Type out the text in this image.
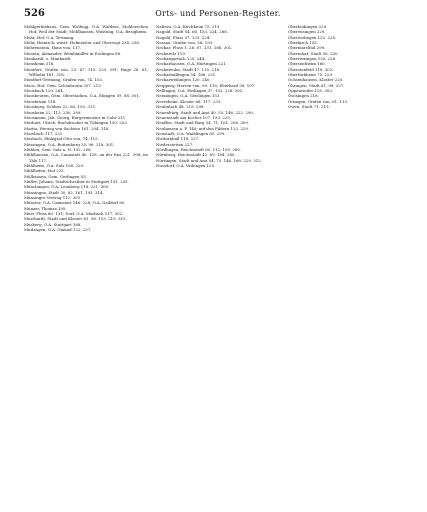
526	Orts- und Personen-Register.

Mohlgerthshaus, Gem. Wolfegg, O.A. Waldsee, Mohlerschen Hof, Weil der Stadt; Mohlhausen, Wüstung, O.A. Besigheim.

Mohr, Hof, O.A. Tettnang.

Mohr, Heinrich, württ. Hofmeister und Obervogt 234. 256.

Mohrenstein, Hans von, 117.

Moneta, Alexander, Weinhändler in Esslingen 88.

Monhardt, s. Munhardt.

Monsheim 318.

Montfort, Grafen von, 23. 47. 115. 223. 391; Hugo 28. 61; Wilhelm 161. 318.

Montfort-Tettnang, Grafen von, 74. 103.

Moos, Hof, Gem. Schönbronn 207. 213.

Moosbach 120. 264.

Moosbeuren, Gem. Oberstadion, O.A. Ehingen 59. 88. 301.

Moosbrunn 118.

Moosburg, Schloss 22. 60. 193. 315.

Moosheim 22. 113. 230. 289.

Moosmann, Joh. Georg, Bürgermeister in Calw 211.

Morhart, Ulrich, Buchdrucker in Tübingen 150. 203.

Moritz, Herzog von Sachsen 161. 204. 318.

Morsbach 117. 221.

Mosbach, Pfalzgraf Otto von, 74. 115.

Mössingen, O.A. Rottenburg 35. 96. 218. 301.

Mühlen, Gem. Sulz a. N. 152. 208.

Mühlhausen, O.A. Cannstatt 40. 128; an der Enz 221. 308; im Täle 117.

Mühlheim, O.A. Sulz 168. 229.

Mühlhofen, Hof 233.

Mülhausen, Gem. Gerlingen 55.

Müller, Johann, Stadtschreiber in Stuttgart 191. 235.

Münchingen, O.A. Leonberg 118. 221. 309.

Münsingen, Stadt 30. 82. 161. 193. 314.

Münsinger Vertrag 112. 305.

Münster, O.A. Cannstatt 146. 228; O.A. Gaildorf 60.

Münzer, Thomas 195.

Murr, Fluss 86. 131; Dorf, O.A. Marbach 117. 302.

Murrhardt, Stadt und Kloster 61. 98. 153. 215. 319.

Musberg, O.A. Stuttgart 168.

Mutlangen, O.A. Gmünd 122. 237.

Nabern, O.A. Kirchheim 75. 219.

Nagold, Stadt 54. 66. 153. 224. 288.

Nagold, Fluss 37. 131. 224.

Nassau, Grafen von, 58. 193.

Neckar, Fluss 1. 26. 87. 131. 188. 301.

Neckarelz 119.

Neckargartach 120. 244.

Neckarhausen, O.A. Nürtingen 221.

Neckarsulm, Stadt 47. 115. 218.

Neckartailfingen 54. 168. 231.

Neckarweihingen 120. 240.

Neipperg, Herren von, 90. 118; Eberhard 58. 197.

Nellingen, O.A. Esslingen 37. 132. 228. 301.

Nenningen, O.A. Geislingen 153.

Neresheim, Kloster 68. 117. 233.

Neubulach 48. 219. 298.

Neuenbürg, Stadt und Amt 40. 55. 146. 222. 290.

Neuenstadt am Kocher 107. 193. 225.

Neuffen, Stadt und Burg 54. 71. 161. 206. 309.

Neuhausen a. F. 140; auf den Fildern 132. 229.

Neustadt, O.A. Waiblingen 85. 299.

Niedernhall 118. 227.

Niederstetten 227.

Nördlingen, Reichsstadt 60. 112. 195. 260.

Nürnberg, Reichsstadt 41. 89. 184. 280.

Nürtingen, Stadt und Amt 54. 75. 146. 168. 229. 312.

Nussdorf, O.A. Vaihingen 120.

Oberboihingen 229.

Oberensingen 229.

Oberesslingen 132. 228.

Oberkirch 155.

Obermarchtal 299.

Oberndorf, Stadt 58. 230.

Oberriexingen 120. 226.

Obersontheim 160.

Oberstenfeld 118. 302.

Obertürkheim 75. 229.

Ochsenhausen, Kloster 220.

Öhringen, Stadt 61. 98. 227.

Oppenweiler 155. 302.

Öschingen 218.

Öttingen, Grafen von, 61. 115.

Owen, Stadt 71. 219.
